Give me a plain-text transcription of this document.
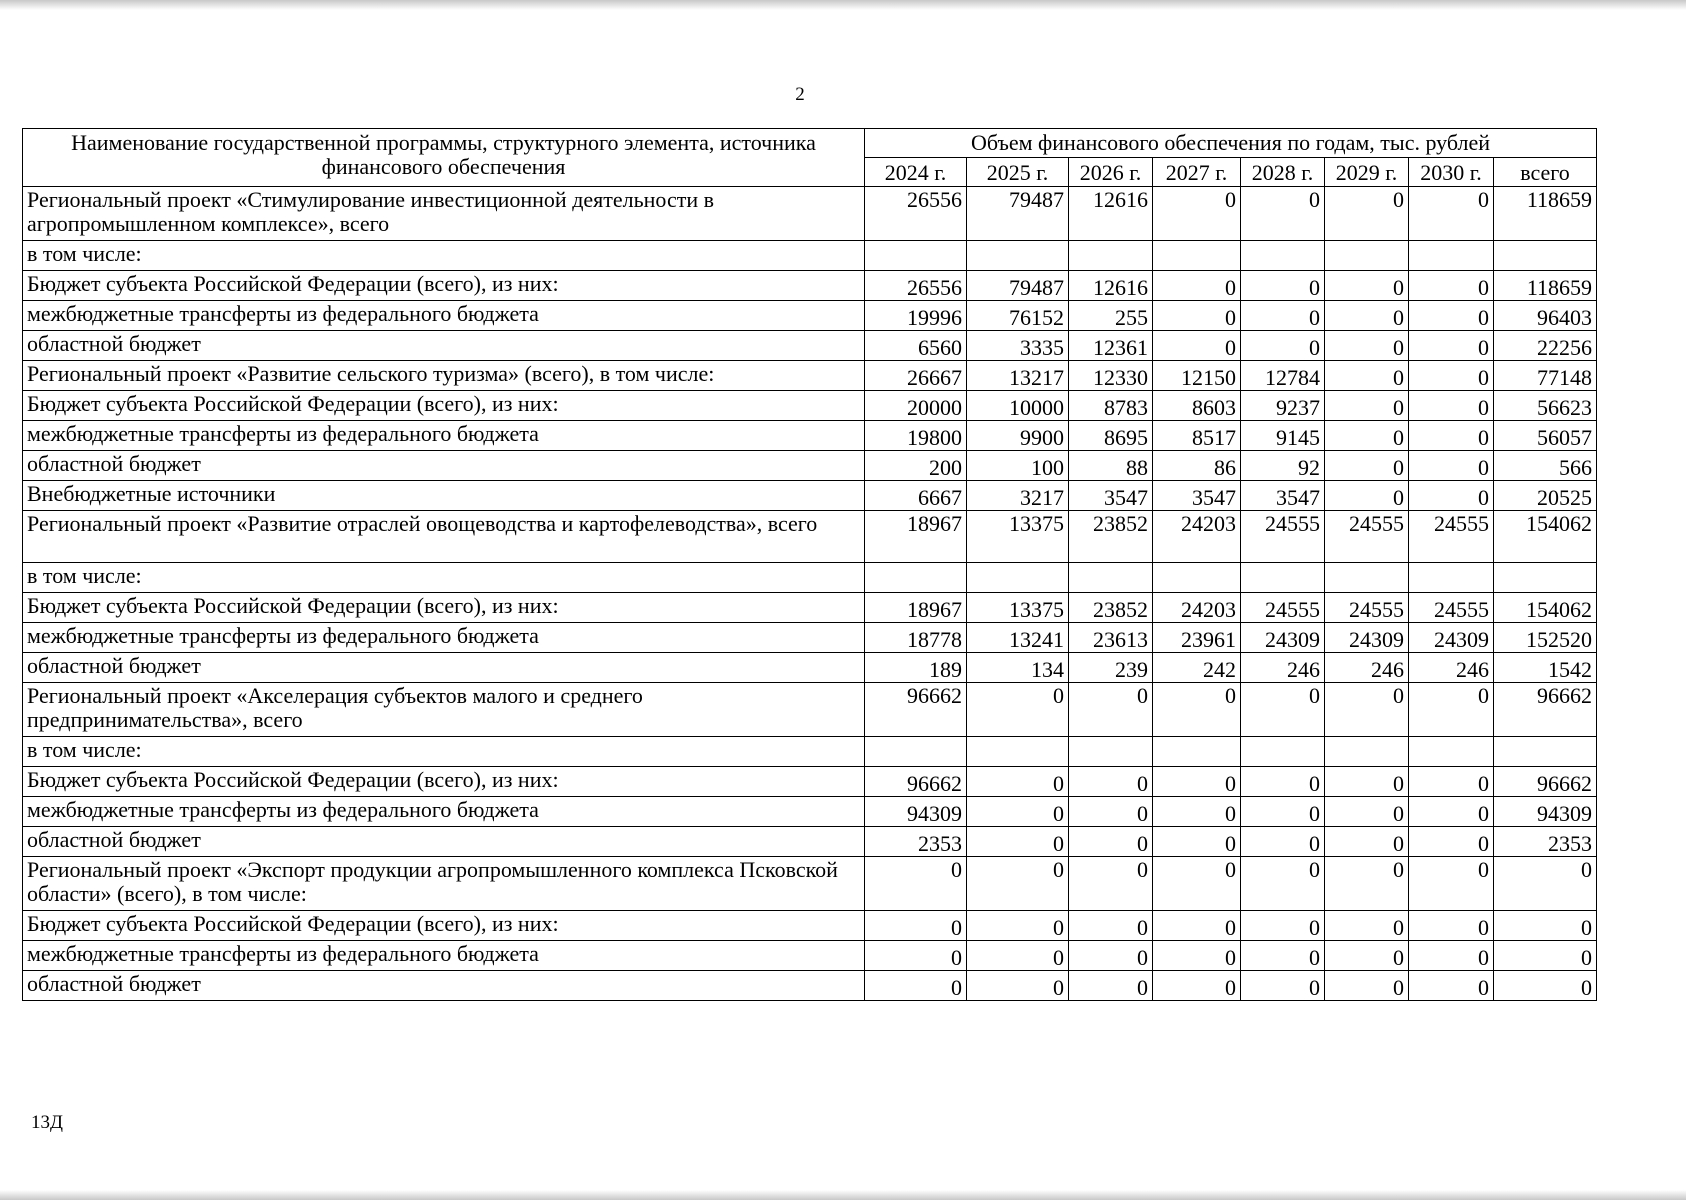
2
Наименование государственной программы, структурного элемента, источника финансового обеспечения	Объем финансового обеспечения по годам, тыс. рублей							
	2024 г.	2025 г.	2026 г.	2027 г.	2028 г.	2029 г.	2030 г.	всего
Региональный проект «Стимулирование инвестиционной деятельности в агропромышленном комплексе», всего	26556	79487	12616	0	0	0	0	118659
в том числе:								
Бюджет субъекта Российской Федерации (всего), из них:	26556	79487	12616	0	0	0	0	118659
межбюджетные трансферты из федерального бюджета	19996	76152	255	0	0	0	0	96403
областной бюджет	6560	3335	12361	0	0	0	0	22256
Региональный проект «Развитие сельского туризма» (всего), в том числе:	26667	13217	12330	12150	12784	0	0	77148
Бюджет субъекта Российской Федерации (всего), из них:	20000	10000	8783	8603	9237	0	0	56623
межбюджетные трансферты из федерального бюджета	19800	9900	8695	8517	9145	0	0	56057
областной бюджет	200	100	88	86	92	0	0	566
Внебюджетные источники	6667	3217	3547	3547	3547	0	0	20525
Региональный проект «Развитие отраслей овощеводства и картофелеводства», всего	18967	13375	23852	24203	24555	24555	24555	154062
в том числе:								
Бюджет субъекта Российской Федерации (всего), из них:	18967	13375	23852	24203	24555	24555	24555	154062
межбюджетные трансферты из федерального бюджета	18778	13241	23613	23961	24309	24309	24309	152520
областной бюджет	189	134	239	242	246	246	246	1542
Региональный проект «Акселерация субъектов малого и среднего предпринимательства», всего	96662	0	0	0	0	0	0	96662
в том числе:								
Бюджет субъекта Российской Федерации (всего), из них:	96662	0	0	0	0	0	0	96662
межбюджетные трансферты из федерального бюджета	94309	0	0	0	0	0	0	94309
областной бюджет	2353	0	0	0	0	0	0	2353
Региональный проект «Экспорт продукции агропромышленного комплекса Псковской области» (всего), в том числе:	0	0	0	0	0	0	0	0
Бюджет субъекта Российской Федерации (всего), из них:	0	0	0	0	0	0	0	0
межбюджетные трансферты из федерального бюджета	0	0	0	0	0	0	0	0
областной бюджет	0	0	0	0	0	0	0	0
13Д
